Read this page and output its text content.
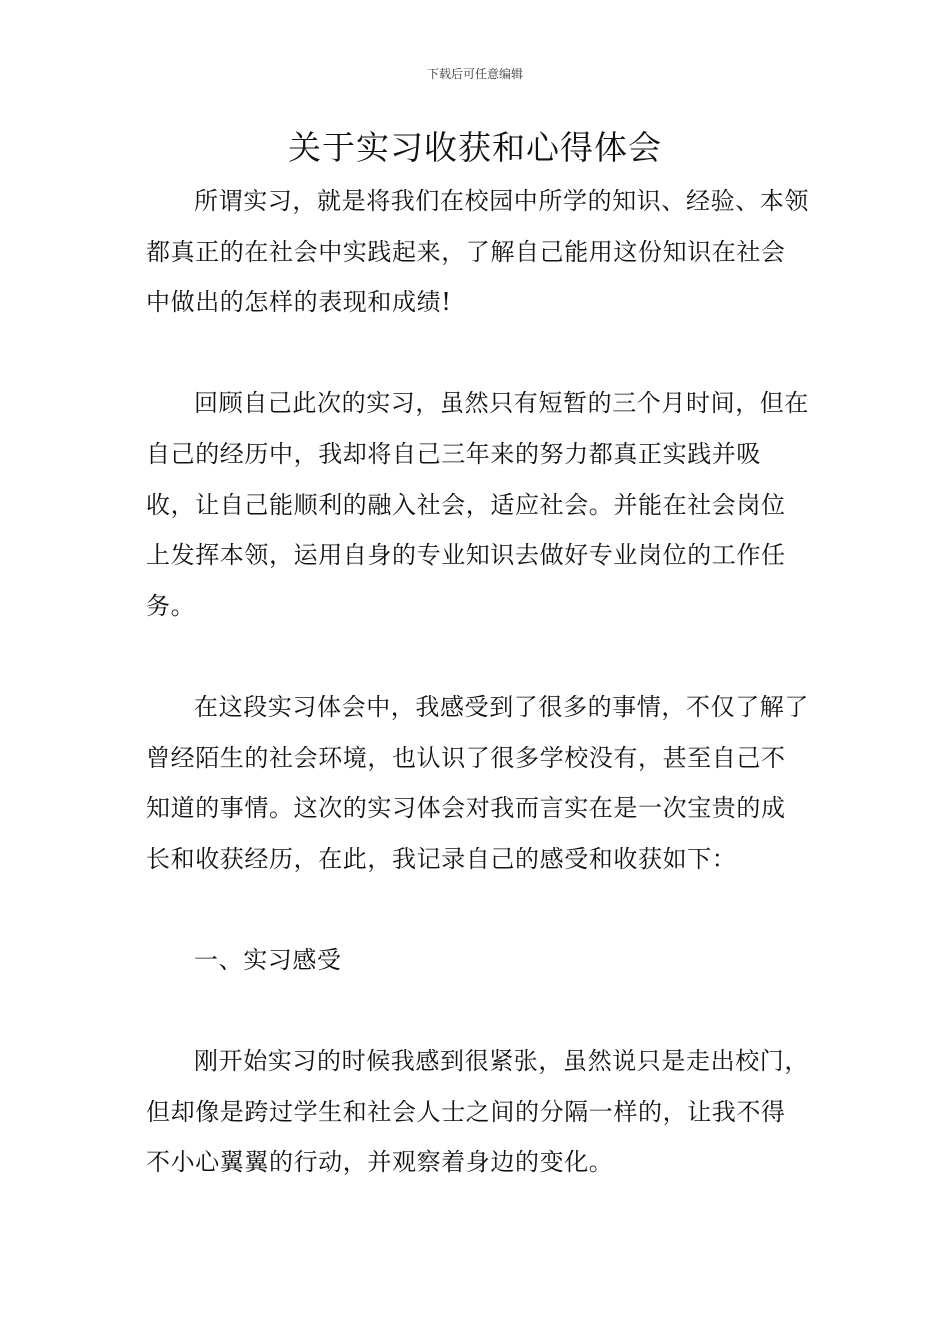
下载后可任意编辑
关于实习收获和心得体会

所谓实习，就是将我们在校园中所学的知识、经验、本领都真正的在社会中实践起来，了解自己能用这份知识在社会中做出的怎样的表现和成绩!

回顾自己此次的实习，虽然只有短暂的三个月时间，但在自己的经历中，我却将自己三年来的努力都真正实践并吸收，让自己能顺利的融入社会，适应社会。并能在社会岗位上发挥本领，运用自身的专业知识去做好专业岗位的工作任务。

在这段实习体会中，我感受到了很多的事情，不仅了解了曾经陌生的社会环境，也认识了很多学校没有，甚至自己不知道的事情。这次的实习体会对我而言实在是一次宝贵的成长和收获经历，在此，我记录自己的感受和收获如下：

一、实习感受

刚开始实习的时候我感到很紧张，虽然说只是走出校门，但却像是跨过学生和社会人士之间的分隔一样的，让我不得不小心翼翼的行动，并观察着身边的变化。
